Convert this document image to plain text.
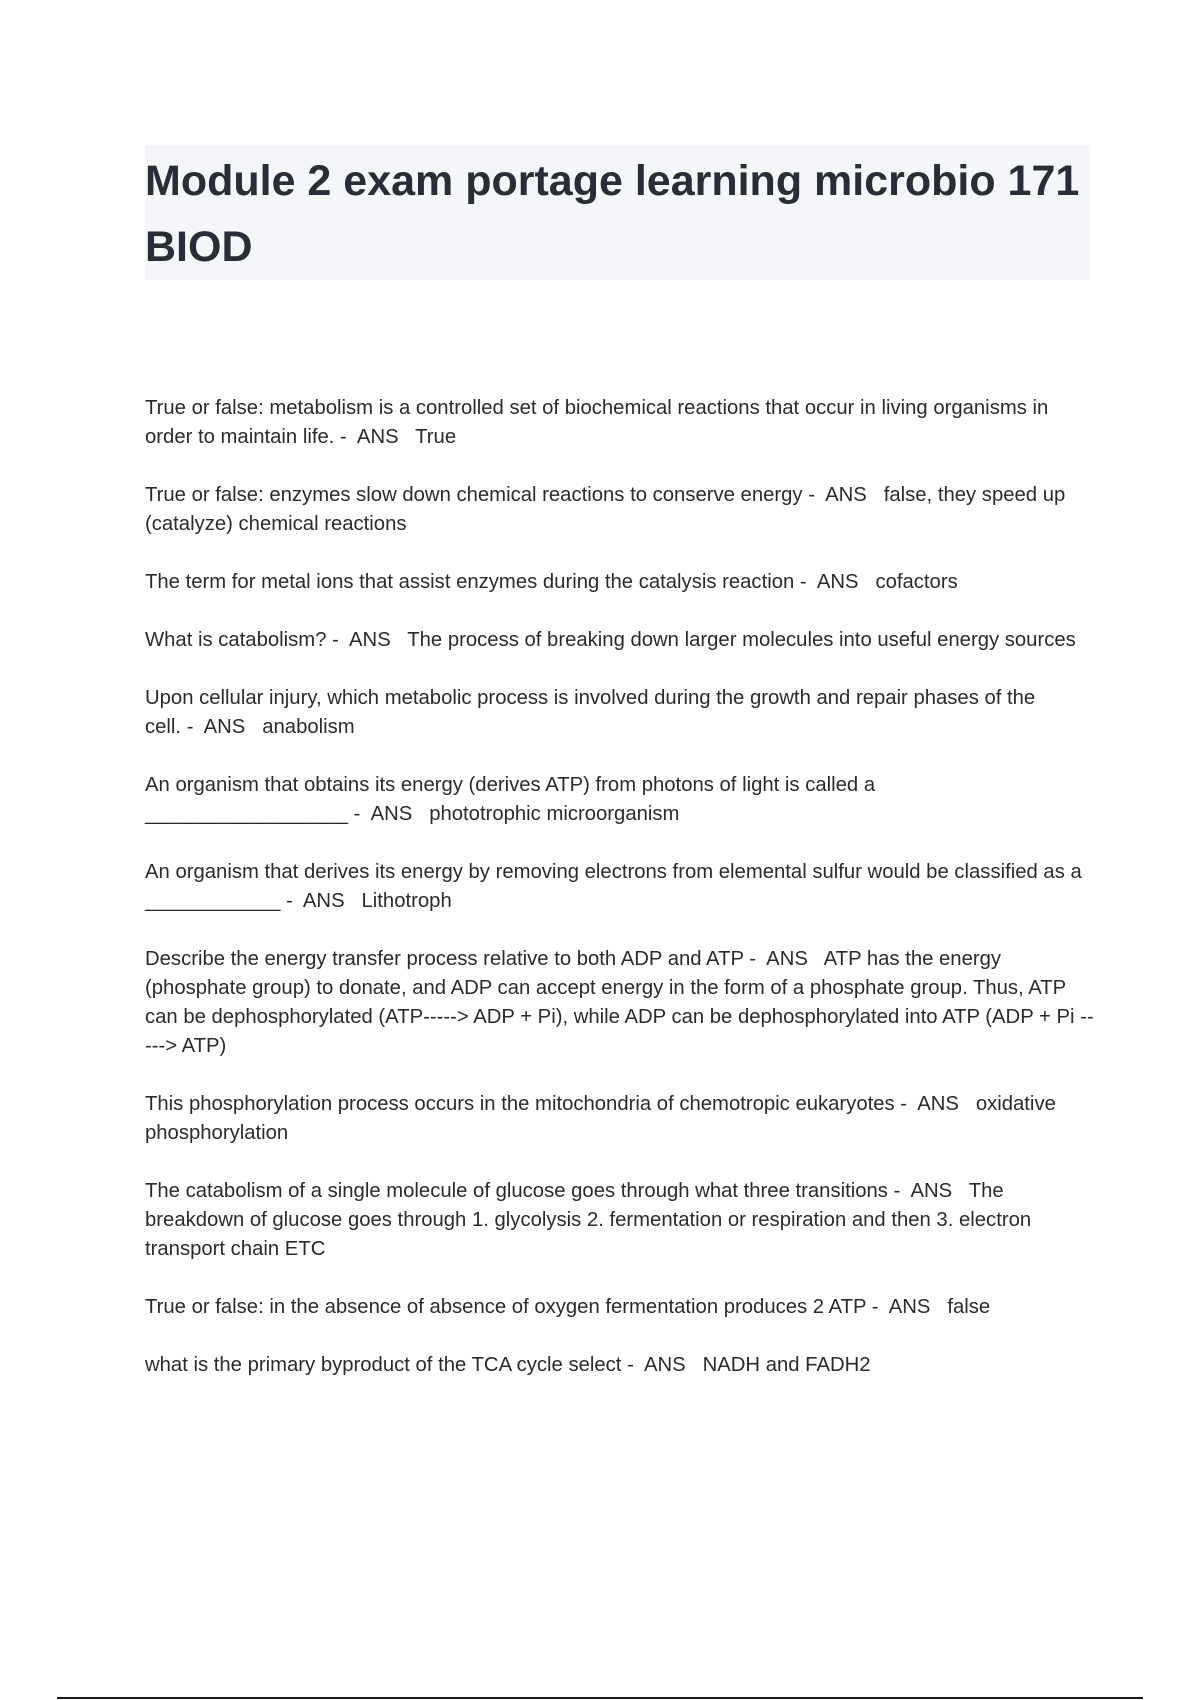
Module 2 exam portage learning microbio 171 BIOD

True or false: metabolism is a controlled set of biochemical reactions that occur in living organisms in order to maintain life. -  ANS   True

True or false: enzymes slow down chemical reactions to conserve energy -  ANS   false, they speed up (catalyze) chemical reactions

The term for metal ions that assist enzymes during the catalysis reaction -  ANS   cofactors

What is catabolism? -  ANS   The process of breaking down larger molecules into useful energy sources

Upon cellular injury, which metabolic process is involved during the growth and repair phases of the cell. -  ANS   anabolism

An organism that obtains its energy (derives ATP) from photons of light is called a __________________ -  ANS   phototrophic microorganism

An organism that derives its energy by removing electrons from elemental sulfur would be classified as a ____________ -  ANS   Lithotroph

Describe the energy transfer process relative to both ADP and ATP -  ANS   ATP has the energy (phosphate group) to donate, and ADP can accept energy in the form of a phosphate group. Thus, ATP can be dephosphorylated (ATP-----> ADP + Pi), while ADP can be dephosphorylated into ATP (ADP + Pi -----> ATP)

This phosphorylation process occurs in the mitochondria of chemotropic eukaryotes -  ANS   oxidative phosphorylation

The catabolism of a single molecule of glucose goes through what three transitions -  ANS   The breakdown of glucose goes through 1. glycolysis 2. fermentation or respiration and then 3. electron transport chain ETC

True or false: in the absence of absence of oxygen fermentation produces 2 ATP -  ANS   false

what is the primary byproduct of the TCA cycle select -  ANS   NADH and FADH2
